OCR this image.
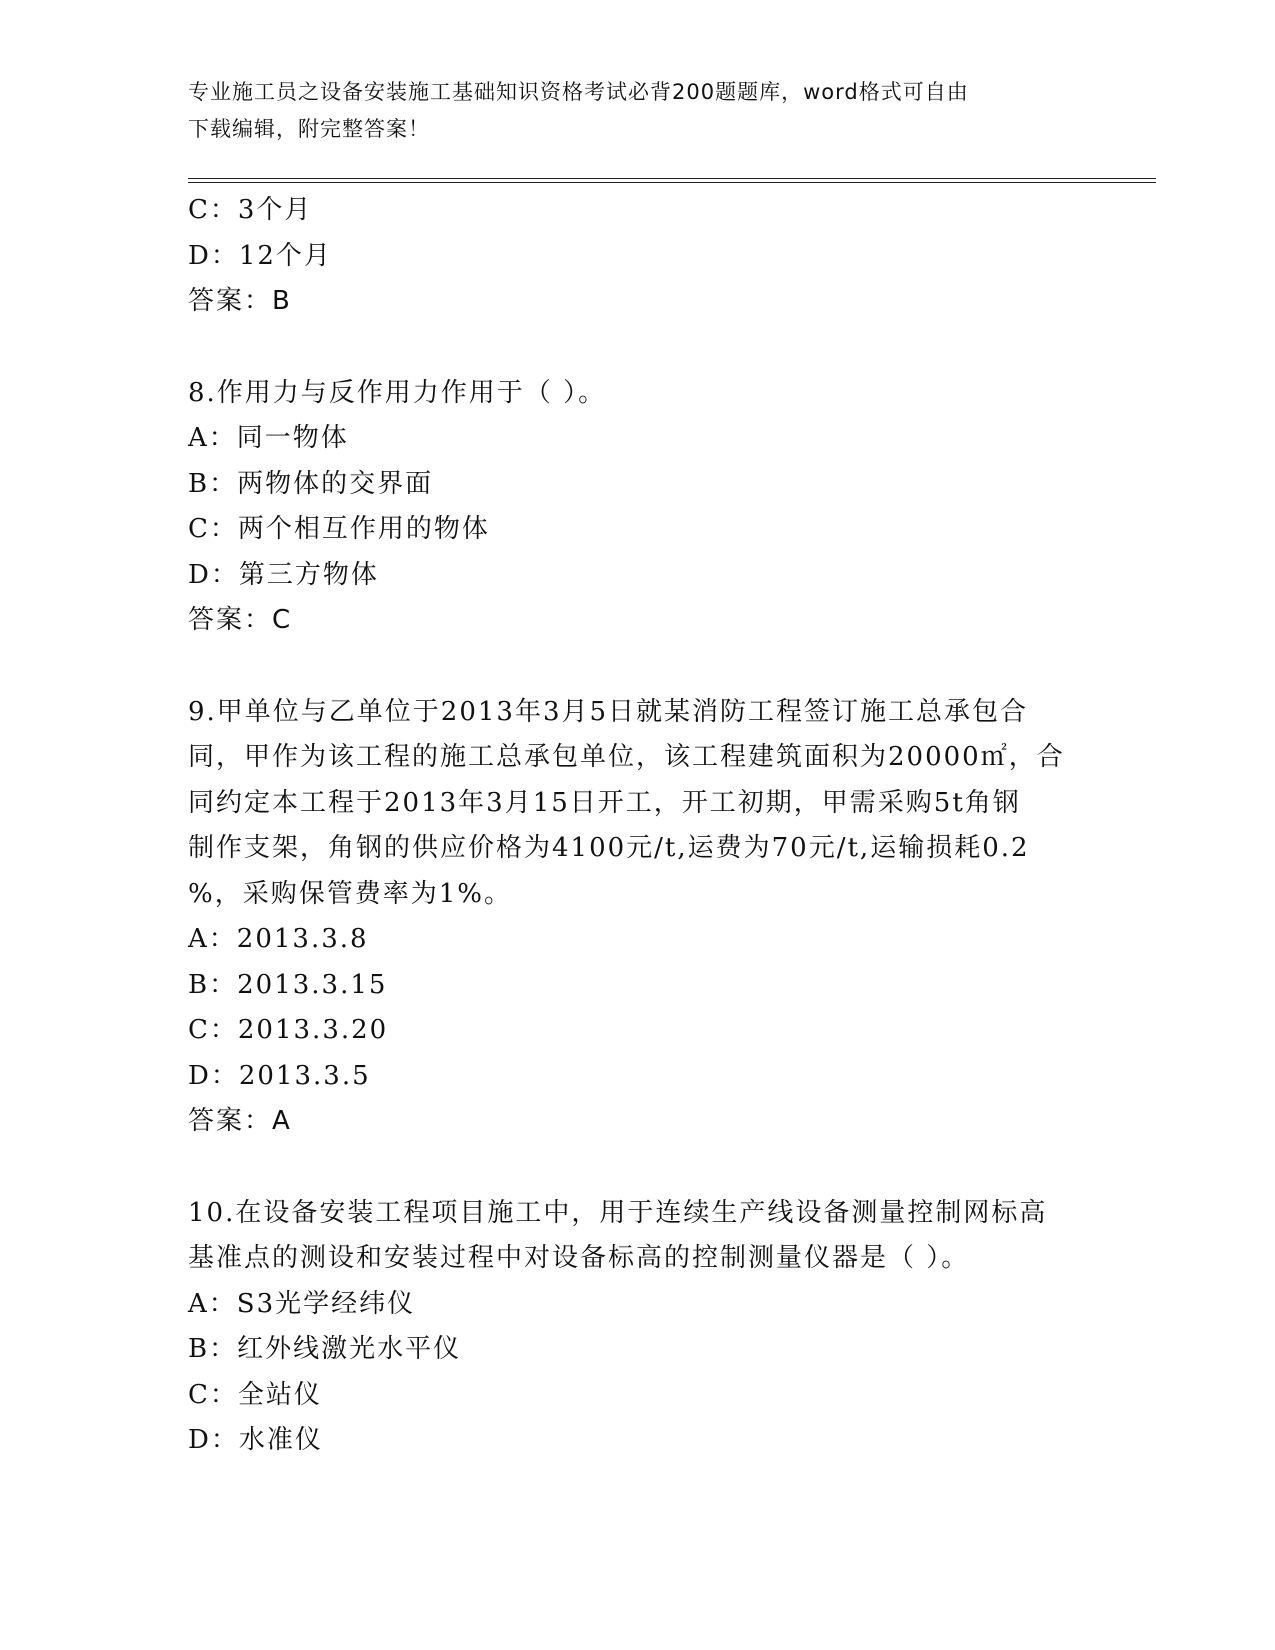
专业施工员之设备安装施工基础知识资格考试必背200题题库，word格式可自由
下载编辑，附完整答案！
C：3个月
D：12个月
答案：B
8.作用力与反作用力作用于（ ）。
A：同一物体
B：两物体的交界面
C：两个相互作用的物体
D：第三方物体
答案：C
9.甲单位与乙单位于2013年3月5日就某消防工程签订施工总承包合
同，甲作为该工程的施工总承包单位，该工程建筑面积为20000㎡，合
同约定本工程于2013年3月15日开工，开工初期，甲需采购5t角钢
制作支架，角钢的供应价格为4100元/t,运费为70元/t,运输损耗0.2
%，采购保管费率为1%。
A：2013.3.8
B：2013.3.15
C：2013.3.20
D：2013.3.5
答案：A
10.在设备安装工程项目施工中，用于连续生产线设备测量控制网标高
基准点的测设和安装过程中对设备标高的控制测量仪器是（ ）。
A：S3光学经纬仪
B：红外线激光水平仪
C：全站仪
D：水准仪
